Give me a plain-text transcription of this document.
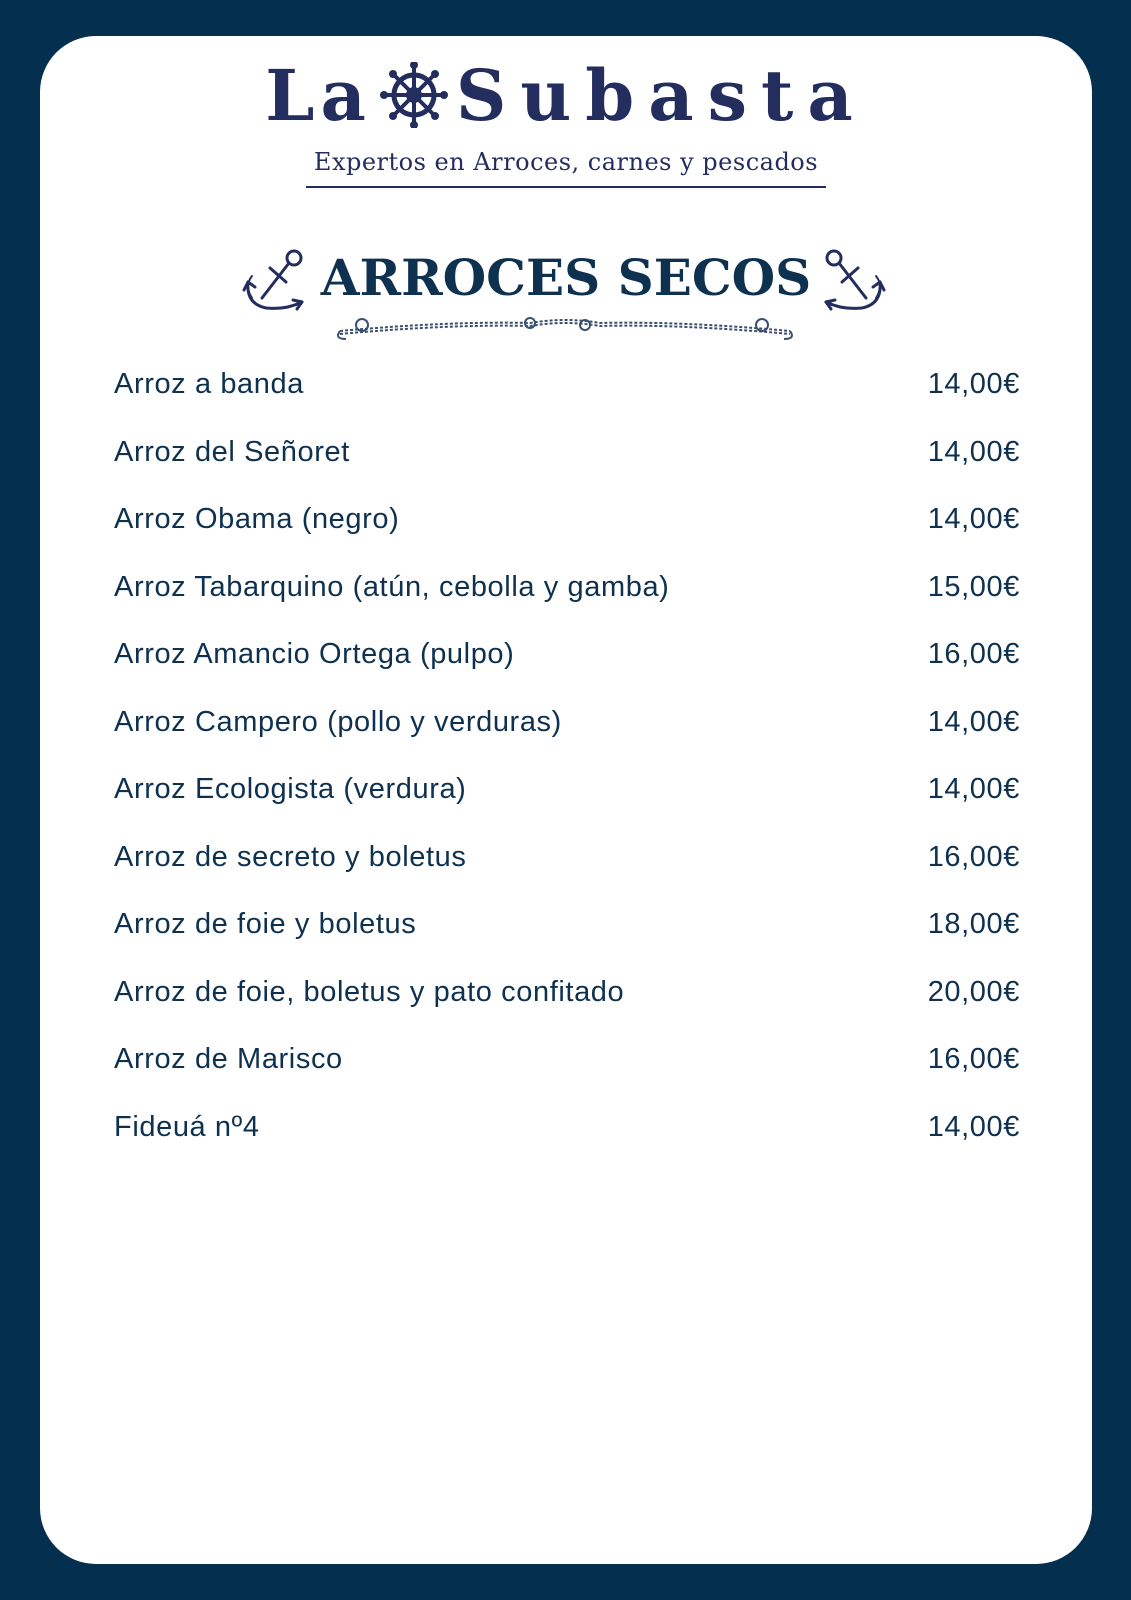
La Subasta
Expertos en Arroces, carnes y pescados
ARROCES SECOS
Arroz a banda	14,00€
Arroz del Señoret	14,00€
Arroz Obama (negro)	14,00€
Arroz Tabarquino (atún, cebolla y gamba)	15,00€
Arroz Amancio Ortega (pulpo)	16,00€
Arroz Campero (pollo y verduras)	14,00€
Arroz Ecologista (verdura)	14,00€
Arroz de secreto y boletus	16,00€
Arroz de foie y boletus	18,00€
Arroz de foie, boletus y pato confitado	20,00€
Arroz de Marisco	16,00€
Fideuá nº4	14,00€
